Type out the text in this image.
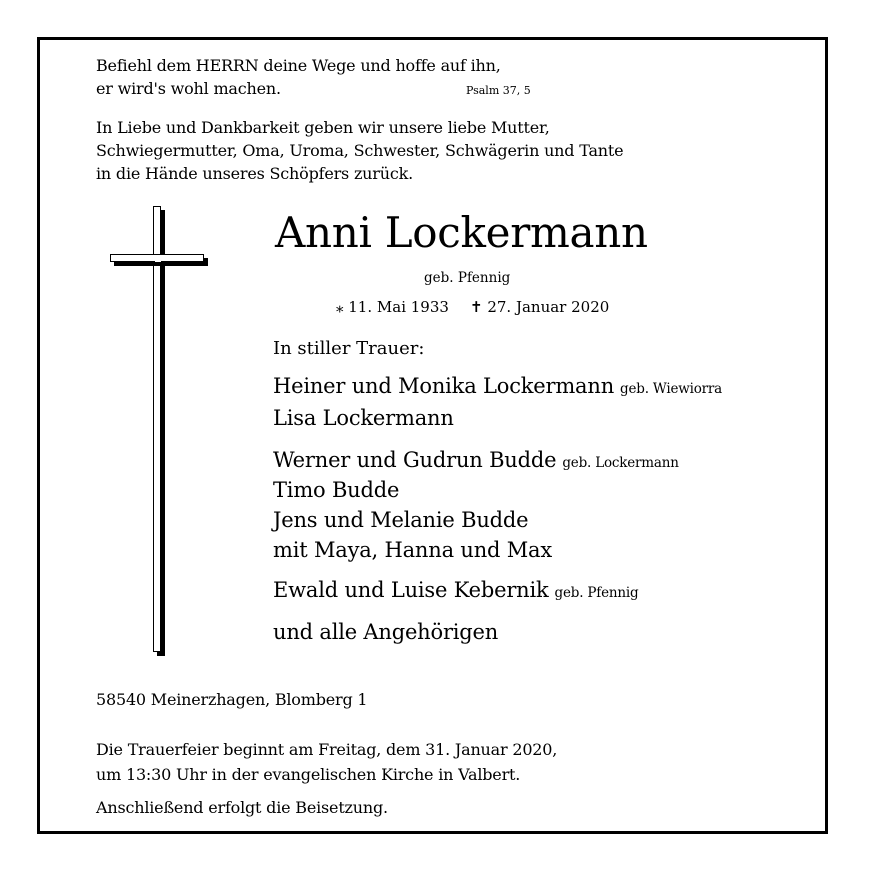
Befiehl dem HERRN deine Wege und hoffe auf ihn,
er wird's wohl machen.	Psalm 37, 5
In Liebe und Dankbarkeit geben wir unsere liebe Mutter,
Schwiegermutter, Oma, Uroma, Schwester, Schwägerin und Tante
in die Hände unseres Schöpfers zurück.
Anni Lockermann
geb. Pfennig
⁎ 11. Mai 1933 ✝ 27. Januar 2020
In stiller Trauer:
Heiner und Monika Lockermann geb. Wiewiorra
Lisa Lockermann
Werner und Gudrun Budde geb. Lockermann
Timo Budde
Jens und Melanie Budde
mit Maya, Hanna und Max
Ewald und Luise Kebernik geb. Pfennig
und alle Angehörigen
58540 Meinerzhagen, Blomberg 1
Die Trauerfeier beginnt am Freitag, dem 31. Januar 2020,
um 13:30 Uhr in der evangelischen Kirche in Valbert.
Anschließend erfolgt die Beisetzung.
